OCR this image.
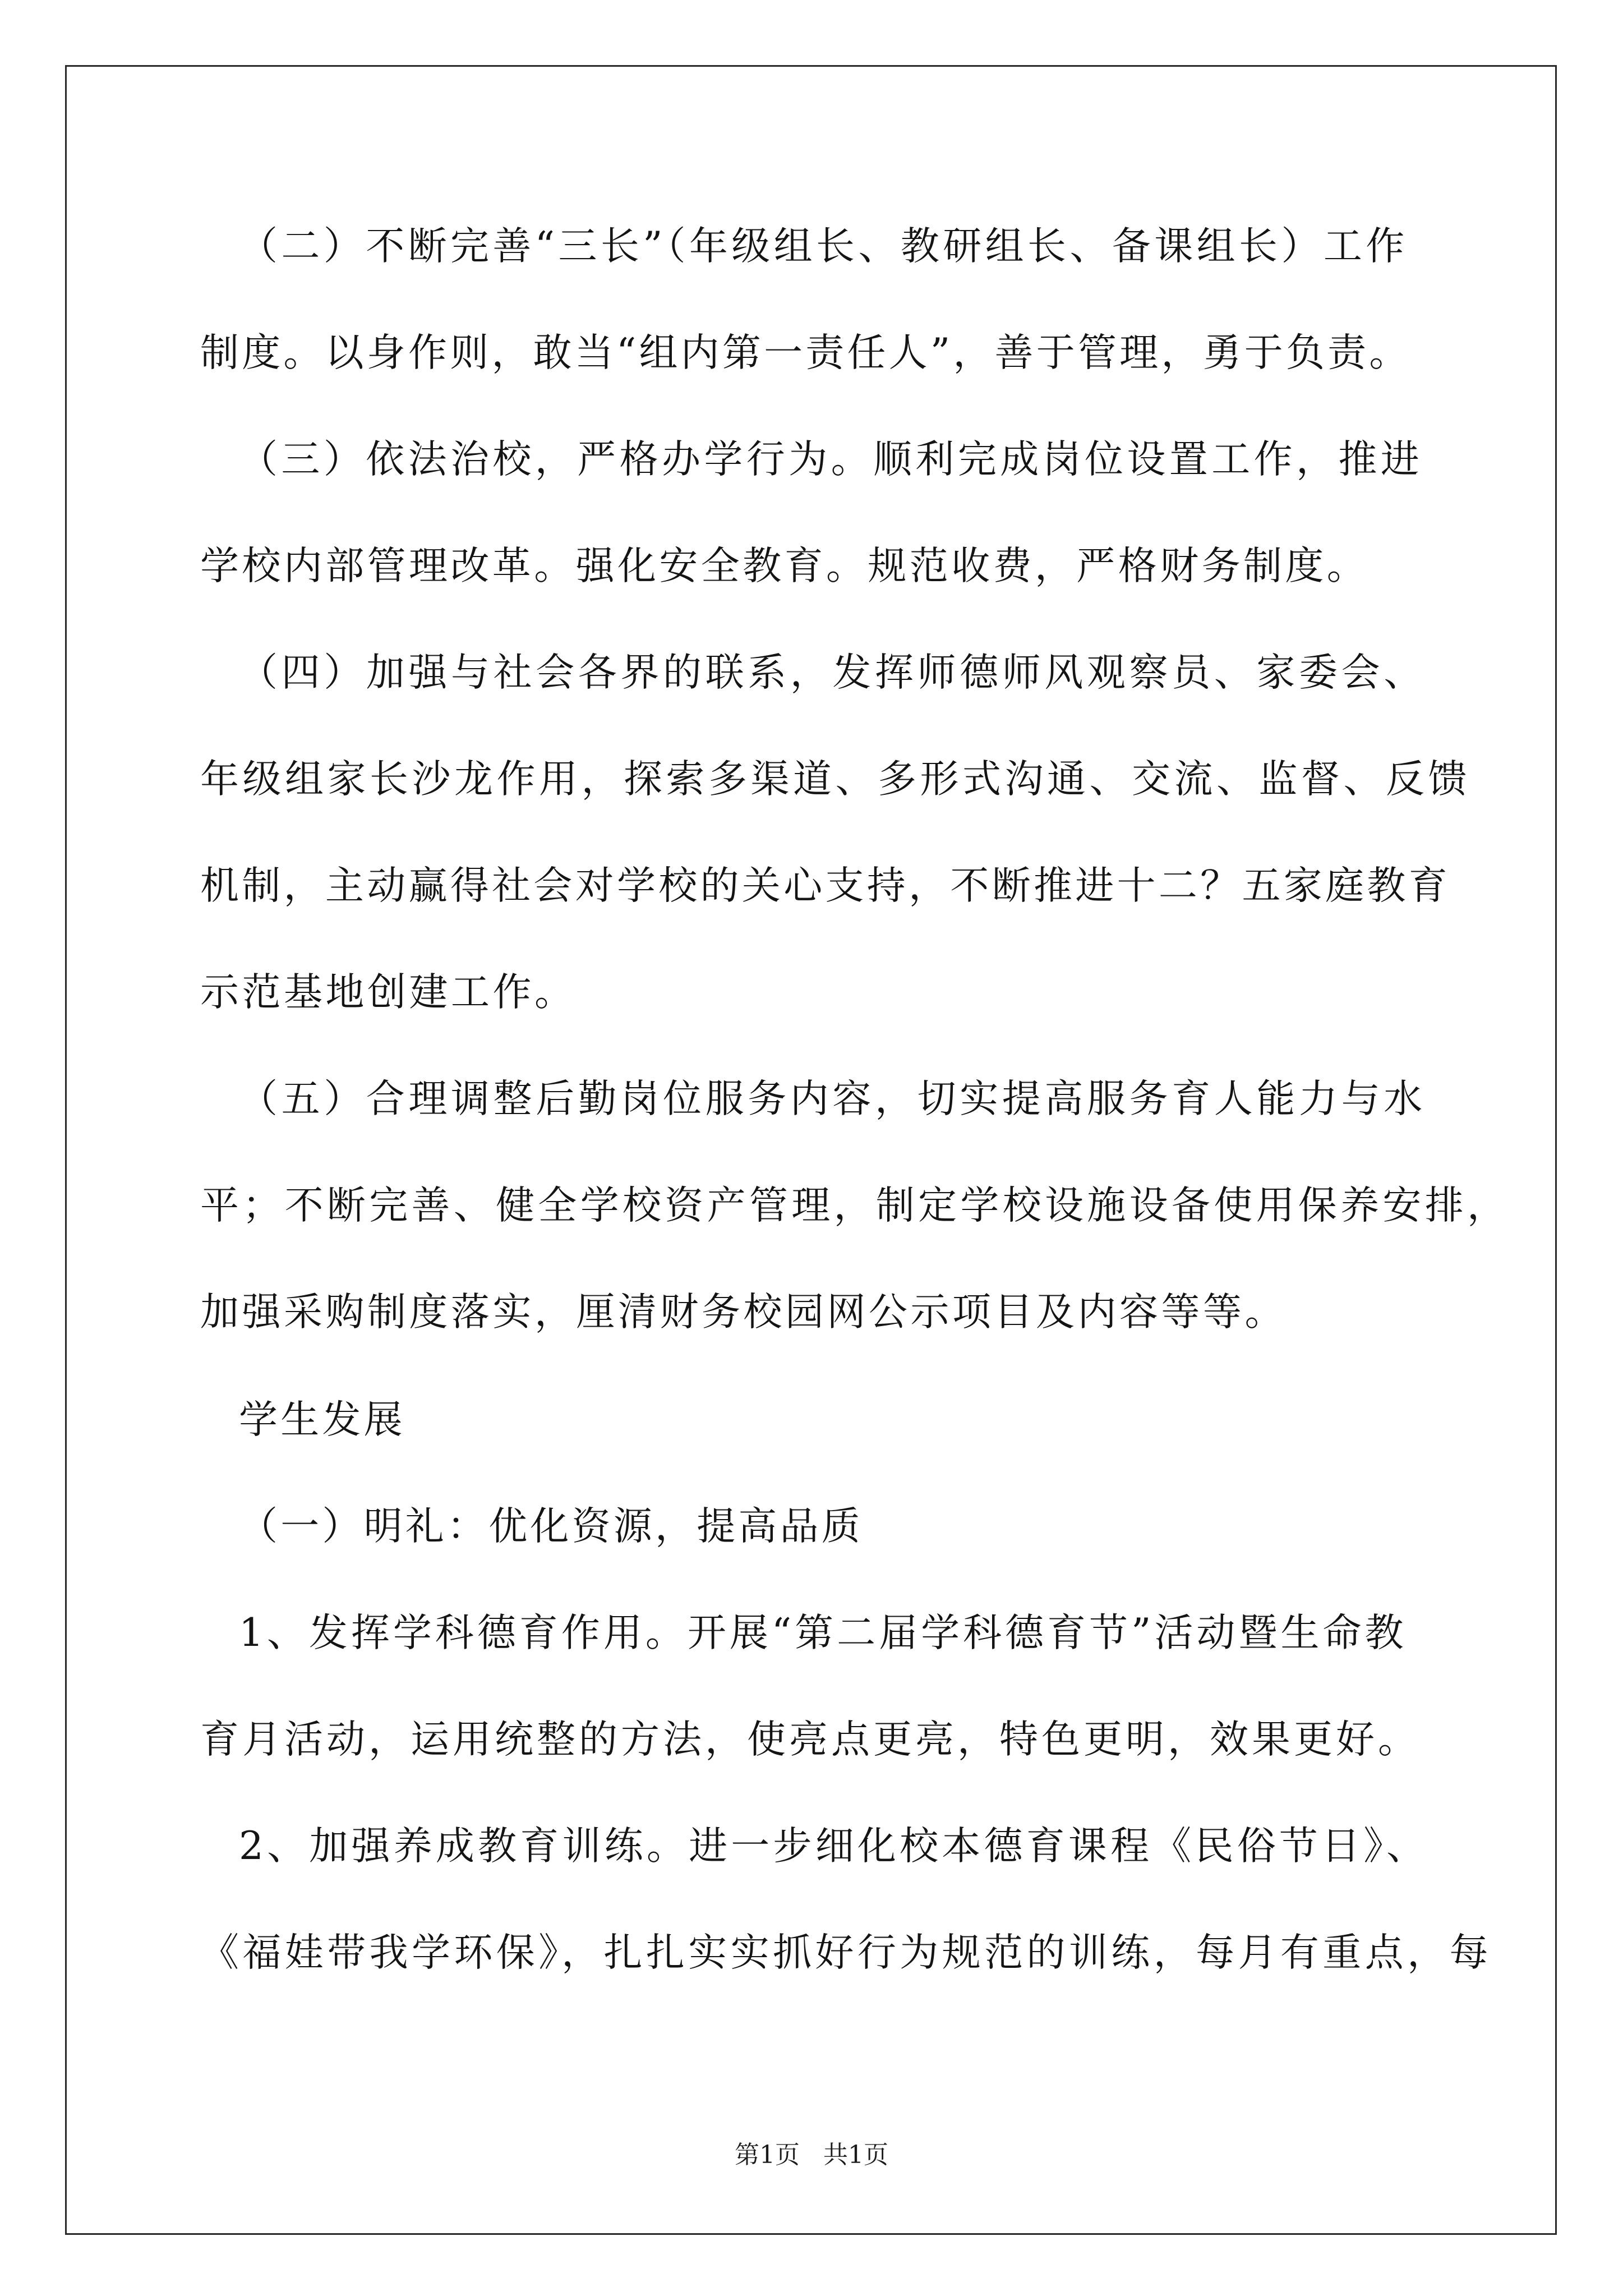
（二）不断完善“三长”（年级组长、教研组长、备课组长）工作

制度。以身作则，敢当“组内第一责任人”，善于管理，勇于负责。

（三）依法治校，严格办学行为。顺利完成岗位设置工作，推进

学校内部管理改革。强化安全教育。规范收费，严格财务制度。

（四）加强与社会各界的联系，发挥师德师风观察员、家委会、

年级组家长沙龙作用，探索多渠道、多形式沟通、交流、监督、反馈

机制，主动赢得社会对学校的关心支持，不断推进十二？五家庭教育

示范基地创建工作。

（五）合理调整后勤岗位服务内容，切实提高服务育人能力与水

平；不断完善、健全学校资产管理，制定学校设施设备使用保养安排，

加强采购制度落实，厘清财务校园网公示项目及内容等等。

学生发展

（一）明礼：优化资源，提高品质

1、发挥学科德育作用。开展“第二届学科德育节”活动暨生命教

育月活动，运用统整的方法，使亮点更亮，特色更明，效果更好。

2、加强养成教育训练。进一步细化校本德育课程《民俗节日》、

《福娃带我学环保》，扎扎实实抓好行为规范的训练，每月有重点，每

第1页   共1页
